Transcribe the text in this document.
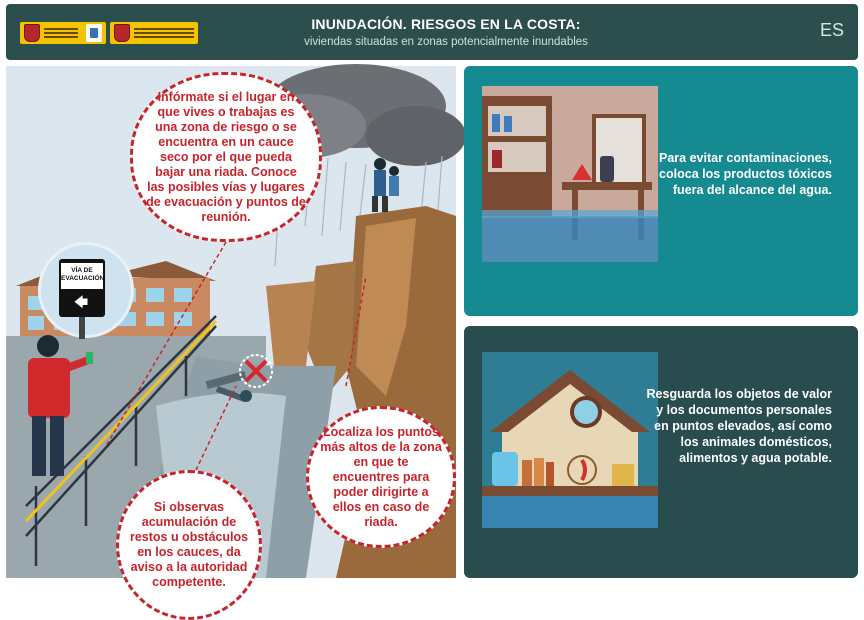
INUNDACIÓN. RIESGOS EN LA COSTA:
viviendas situadas en zonas potencialmente inundables
ES
VÍA DE EVACUACIÓN
🡄
Infórmate si el lugar en que vives o trabajas es una zona de riesgo o se encuentra en un cauce seco por el que pueda bajar una riada. Conoce las posibles vías y lugares de evacuación y puntos de reunión.
Localiza los puntos más altos de la zona en que te encuentres para poder dirigirte a ellos en caso de riada.
Si observas acumulación de restos u obstáculos en los cauces, da aviso a la autoridad competente.
Para evitar contaminaciones, coloca los productos tóxicos fuera del alcance del agua.
Resguarda los objetos de valor y los documentos personales en puntos elevados, así como los animales domésticos, alimentos y agua potable.
